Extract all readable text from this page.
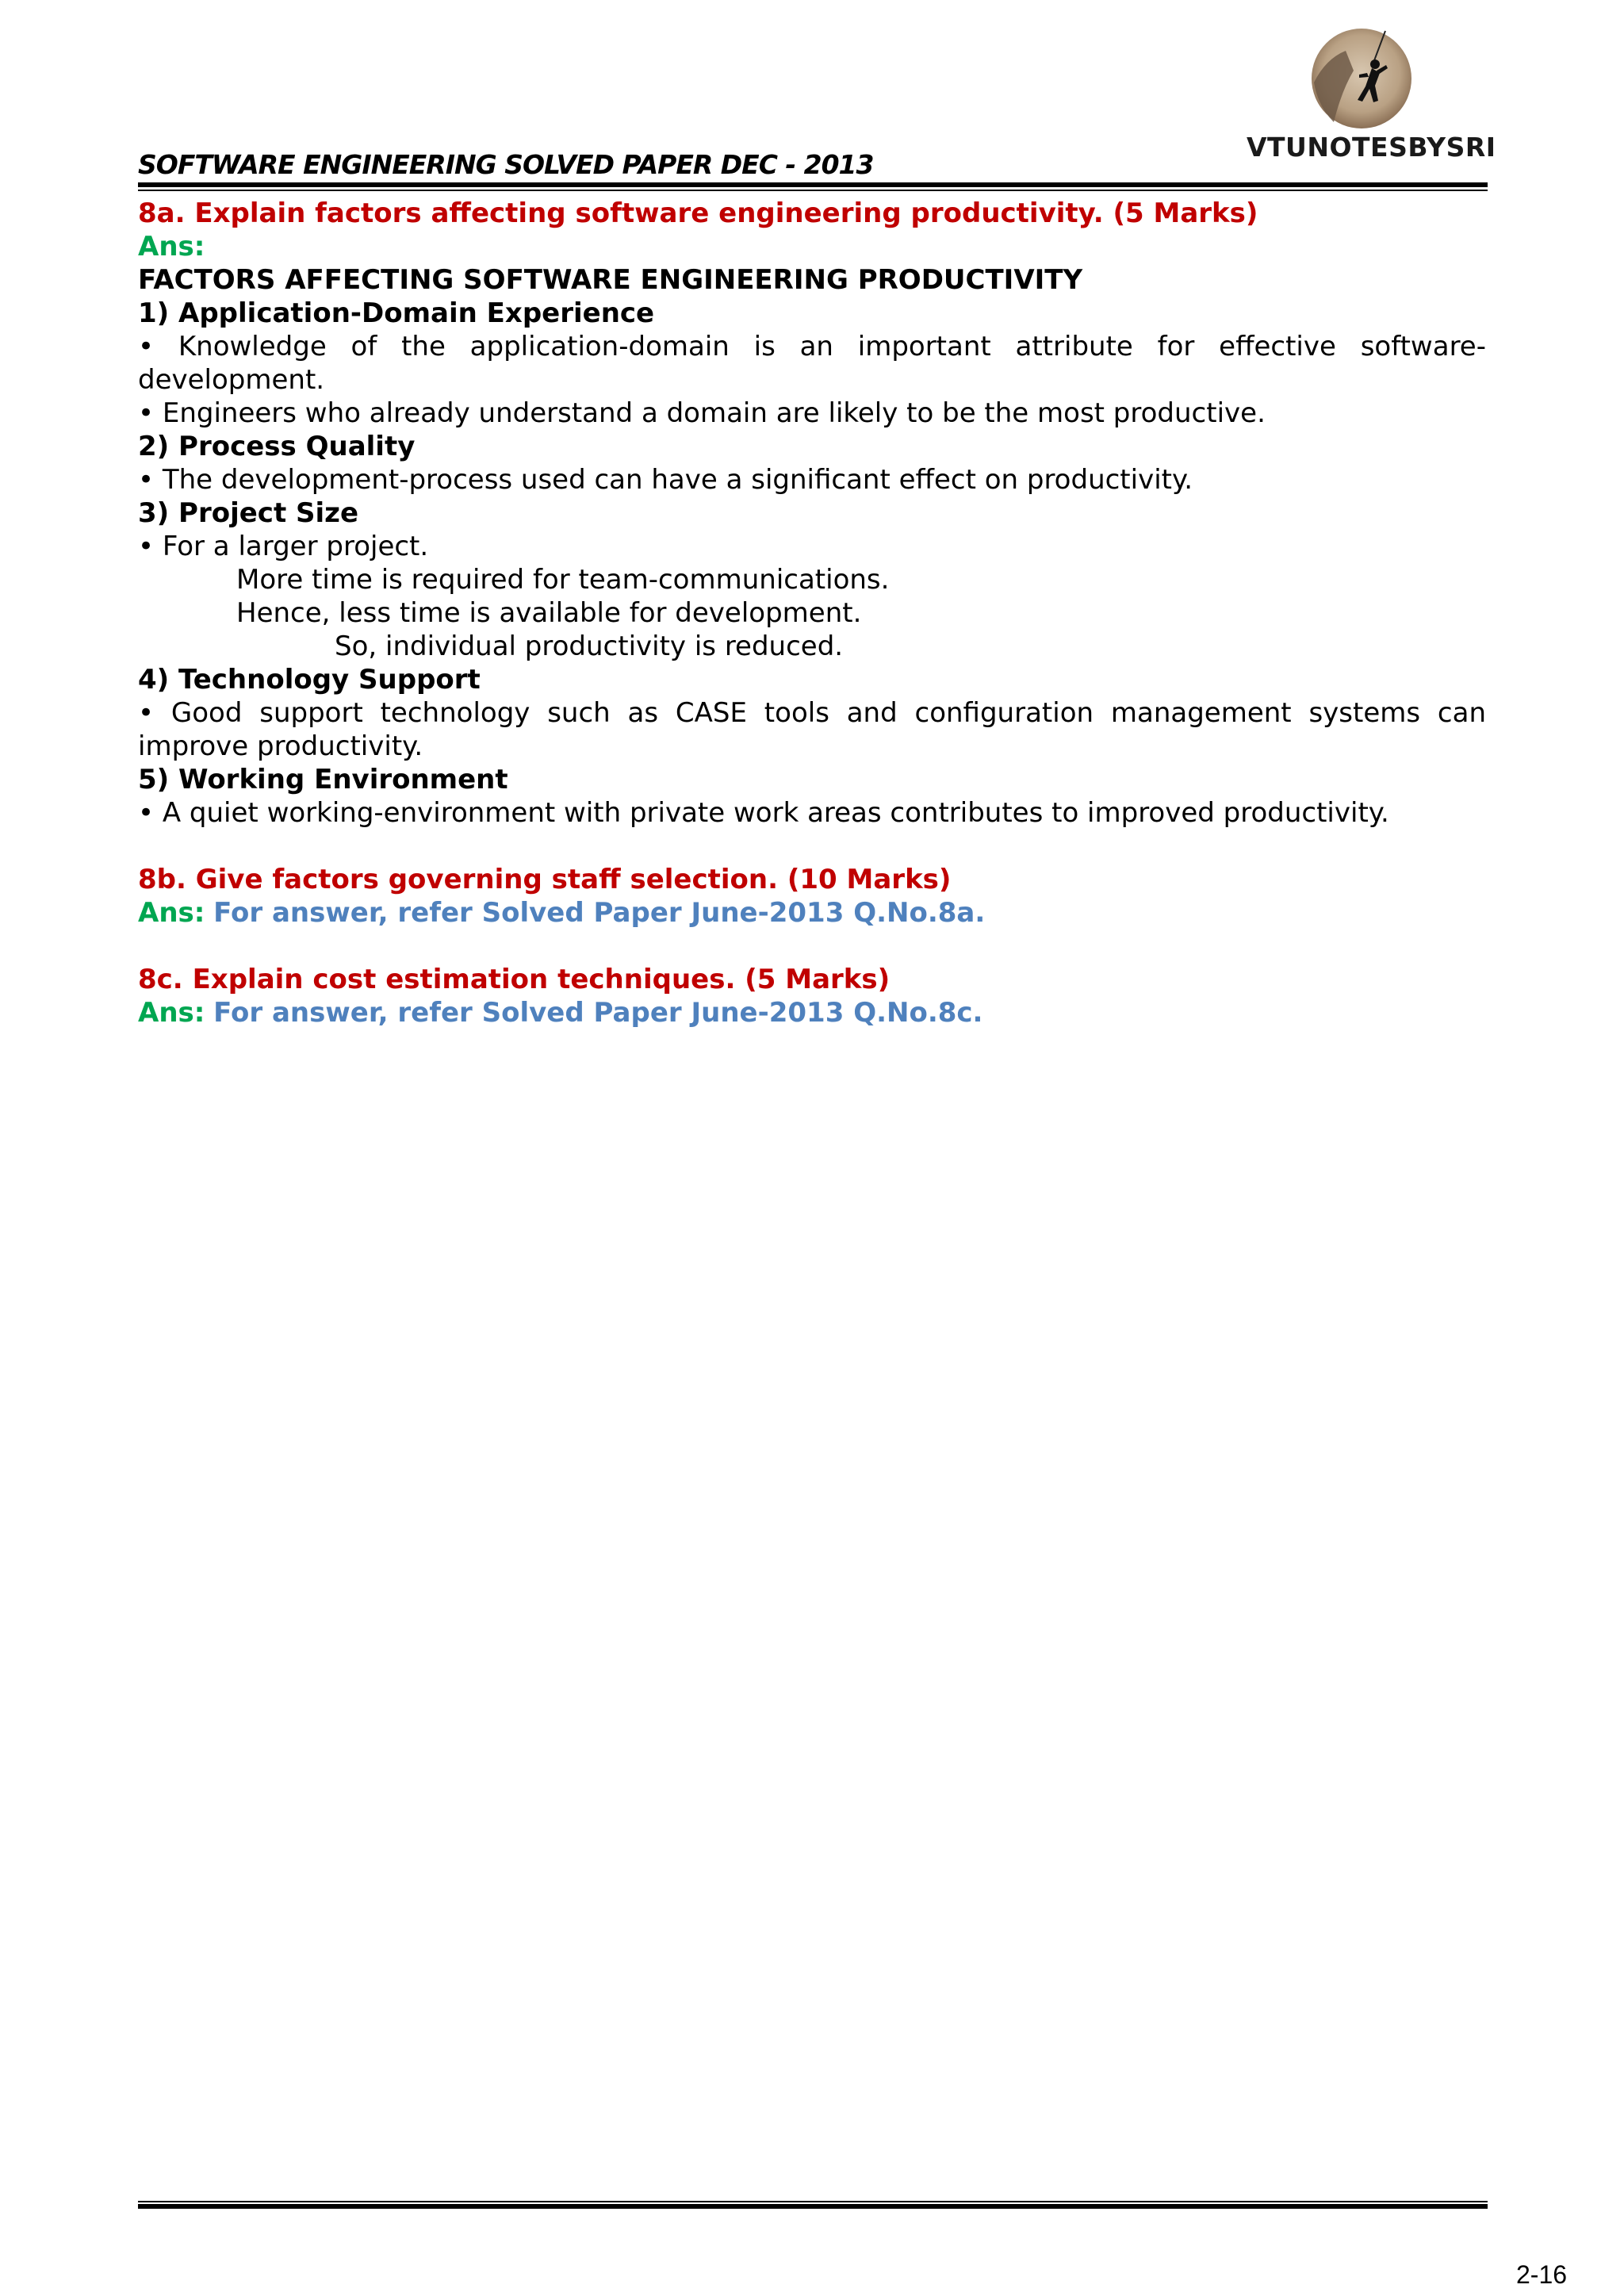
SOFTWARE ENGINEERING SOLVED PAPER DEC - 2013
VTUNOTESBYSRI

8a. Explain factors affecting software engineering productivity. (5 Marks)

Ans:

FACTORS AFFECTING SOFTWARE ENGINEERING PRODUCTIVITY

1) Application-Domain Experience

• Knowledge of the application-domain is an important attribute for effective software-

development.

• Engineers who already understand a domain are likely to be the most productive.

2) Process Quality

• The development-process used can have a significant effect on productivity.

3) Project Size

• For a larger project.

More time is required for team-communications.

Hence, less time is available for development.

So, individual productivity is reduced.

4) Technology Support

• Good support technology such as CASE tools and configuration management systems can

improve productivity.

5) Working Environment

• A quiet working-environment with private work areas contributes to improved productivity.

8b. Give factors governing staff selection. (10 Marks)

Ans: For answer, refer Solved Paper June-2013 Q.No.8a.

8c. Explain cost estimation techniques. (5 Marks)

Ans: For answer, refer Solved Paper June-2013 Q.No.8c.

2-16
